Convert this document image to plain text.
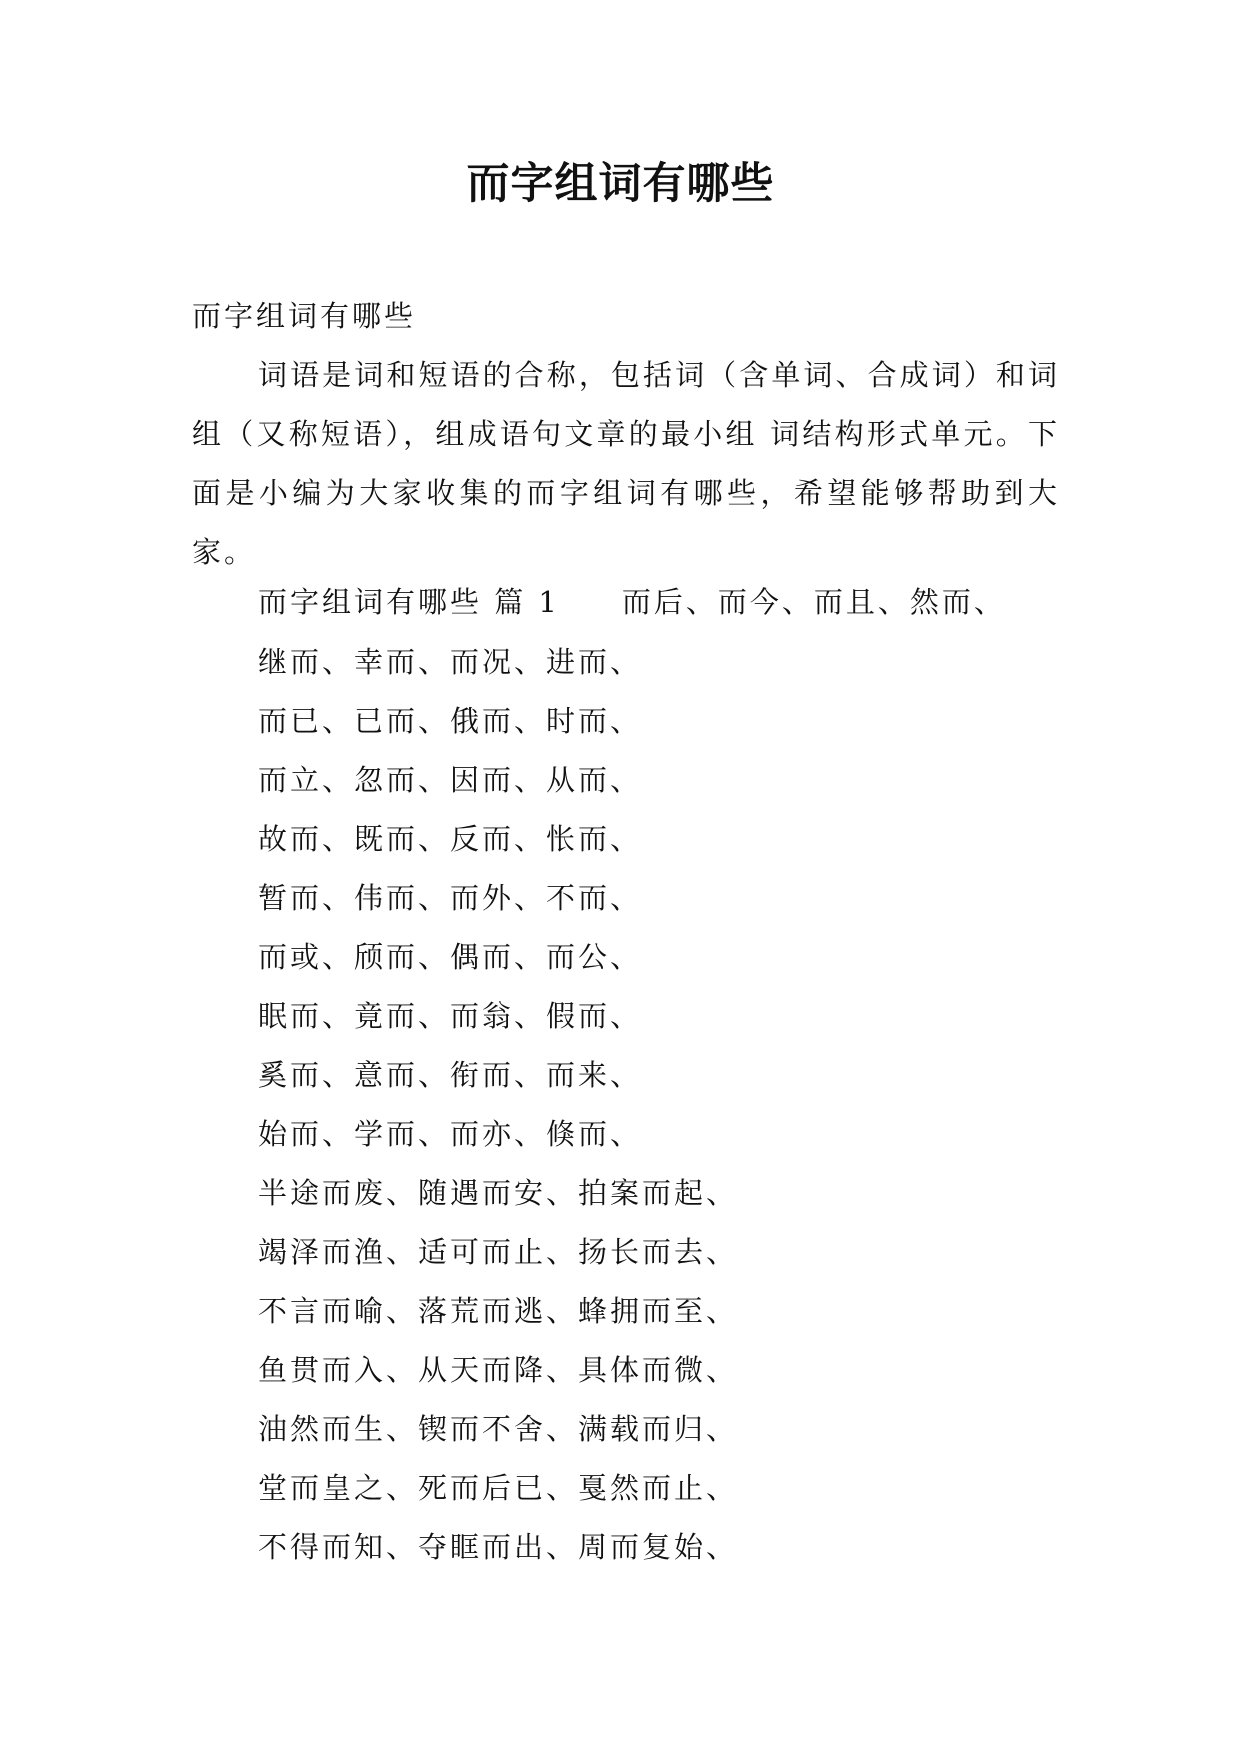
而字组词有哪些
而字组词有哪些

词语是词和短语的合称，包括词（含单词、合成词）和词组（又称短语），组成语句文章的最小组 词结构形式单元。下面是小编为大家收集的而字组词有哪些，希望能够帮助到大家。

而字组词有哪些 篇 1 而后、而今、而且、然而、
继而、幸而、而况、进而、
而已、已而、俄而、时而、
而立、忽而、因而、从而、
故而、既而、反而、怅而、
暂而、伟而、而外、不而、
而或、颀而、偶而、而公、
眠而、竟而、而翁、假而、
奚而、意而、衔而、而来、
始而、学而、而亦、倏而、
半途而废、随遇而安、拍案而起、
竭泽而渔、适可而止、扬长而去、
不言而喻、落荒而逃、蜂拥而至、
鱼贯而入、从天而降、具体而微、
油然而生、锲而不舍、满载而归、
堂而皇之、死而后已、戛然而止、
不得而知、夺眶而出、周而复始、
